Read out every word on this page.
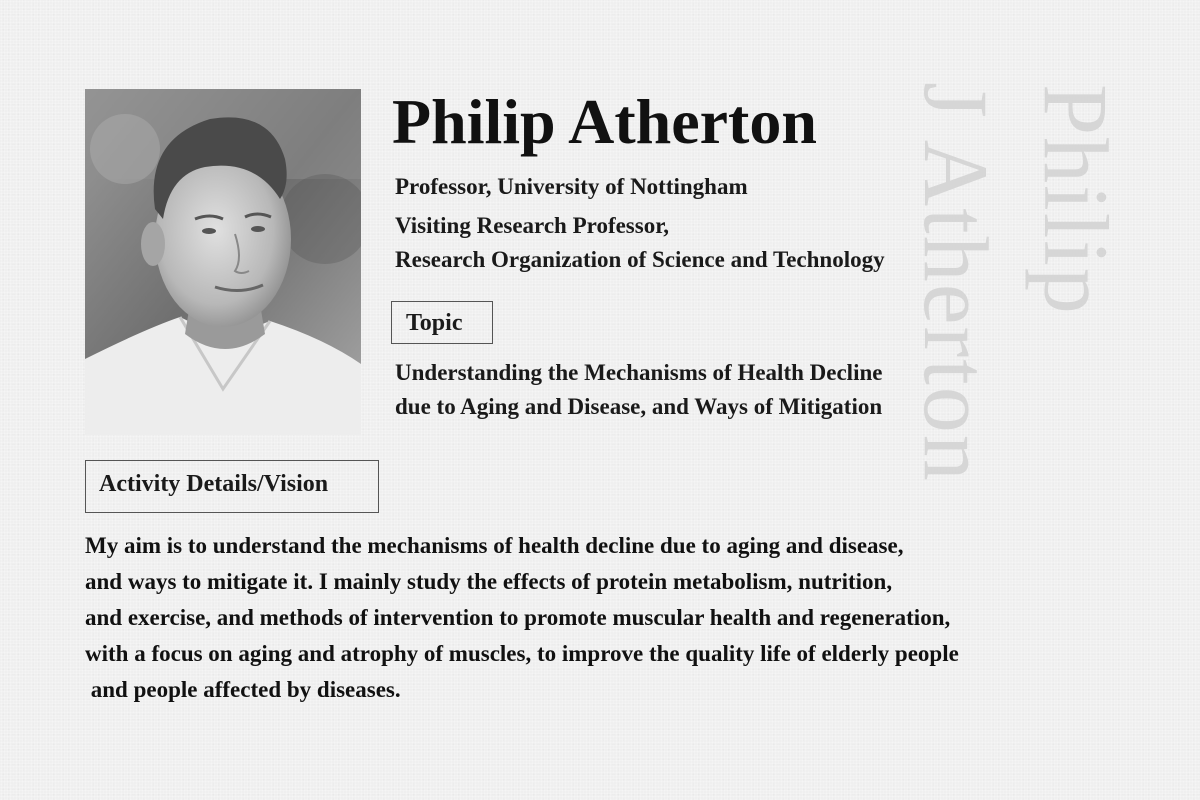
Philip
J Atherton
Philip Atherton
Professor, University of Nottingham
Visiting Research Professor,
Research Organization of Science and Technology
Topic
Understanding the Mechanisms of Health Decline
due to Aging and Disease, and Ways of Mitigation
Activity Details/Vision
My aim is to understand the mechanisms of health decline due to aging and disease,
and ways to mitigate it. I mainly study the effects of protein metabolism, nutrition,
and exercise, and methods of intervention to promote muscular health and regeneration,
with a focus on aging and atrophy of muscles, to improve the quality life of elderly people
and people affected by diseases.
